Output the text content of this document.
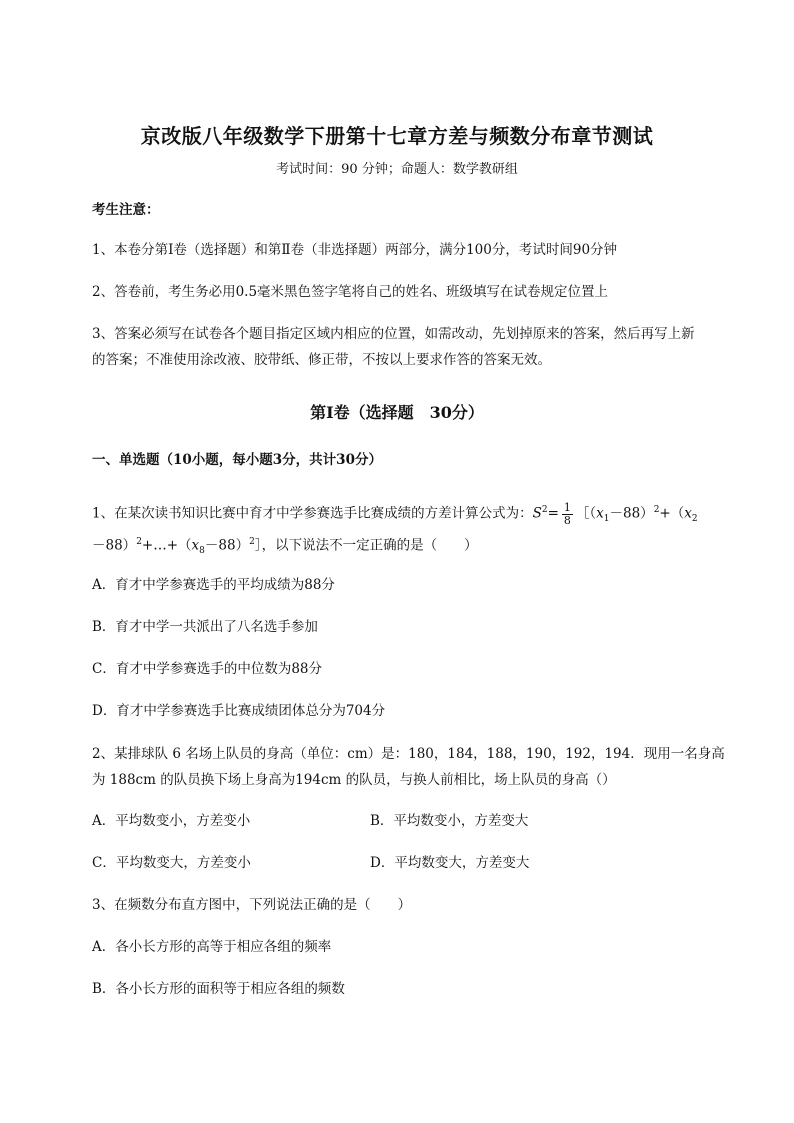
京改版八年级数学下册第十七章方差与频数分布章节测试
考试时间：90 分钟；命题人：数学教研组
考生注意：
1、本卷分第Ⅰ卷（选择题）和第Ⅱ卷（非选择题）两部分，满分100分，考试时间90分钟
2、答卷前，考生务必用0.5毫米黑色签字笔将自己的姓名、班级填写在试卷规定位置上
3、答案必须写在试卷各个题目指定区域内相应的位置，如需改动，先划掉原来的答案，然后再写上新
的答案；不准使用涂改液、胶带纸、修正带，不按以上要求作答的答案无效。
第Ⅰ卷（选择题　30分）
一、单选题（10小题，每小题3分，共计30分）
1、在某次读书知识比赛中育才中学参赛选手比赛成绩的方差计算公式为：$S^2= \frac{1}{8}$ $[(x_1-88)^2+(x_2$
$-88)^2+\dots+(x_8-88)^2]$，以下说法不一定正确的是（　　）
A．育才中学参赛选手的平均成绩为88分
B．育才中学一共派出了八名选手参加
C．育才中学参赛选手的中位数为88分
D．育才中学参赛选手比赛成绩团体总分为704分
2、某排球队 6 名场上队员的身高（单位：cm）是：180，184，188，190，192，194．现用一名身高
为 188cm 的队员换下场上身高为194cm 的队员，与换人前相比，场上队员的身高（）
A．平均数变小，方差变小	B．平均数变小，方差变大
C．平均数变大，方差变小	D．平均数变大，方差变大
3、在频数分布直方图中，下列说法正确的是（　　）
A．各小长方形的高等于相应各组的频率
B．各小长方形的面积等于相应各组的频数
